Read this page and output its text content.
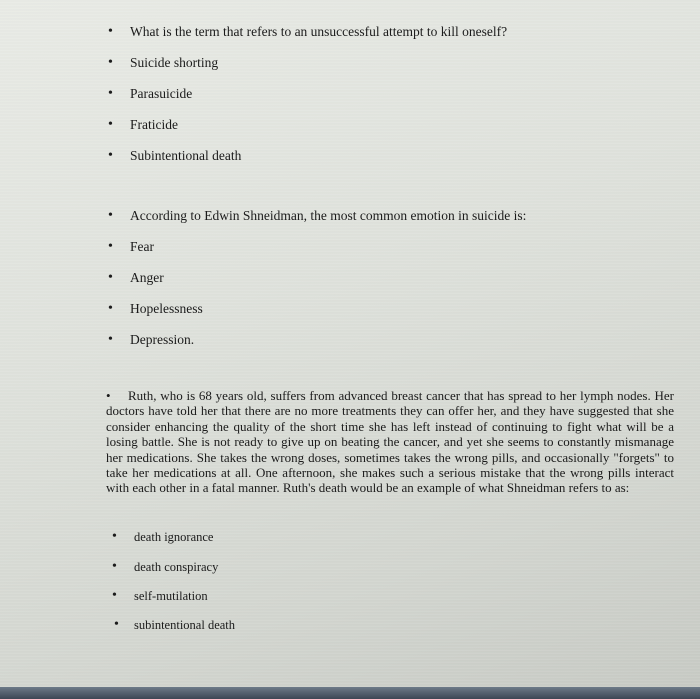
• What is the term that refers to an unsuccessful attempt to kill oneself?
• Suicide shorting
• Parasuicide
• Fraticide
• Subintentional death
• According to Edwin Shneidman, the most common emotion in suicide is:
• Fear
• Anger
• Hopelessness
• Depression.
• Ruth, who is 68 years old, suffers from advanced breast cancer that has spread to her lymph nodes. Her doctors have told her that there are no more treatments they can offer her, and they have suggested that she consider enhancing the quality of the short time she has left instead of continuing to fight what will be a losing battle. She is not ready to give up on beating the cancer, and yet she seems to constantly mismanage her medications. She takes the wrong doses, sometimes takes the wrong pills, and occasionally "forgets" to take her medications at all. One afternoon, she makes such a serious mistake that the wrong pills interact with each other in a fatal manner. Ruth's death would be an example of what Shneidman refers to as:
• death ignorance
• death conspiracy
• self-mutilation
• subintentional death
